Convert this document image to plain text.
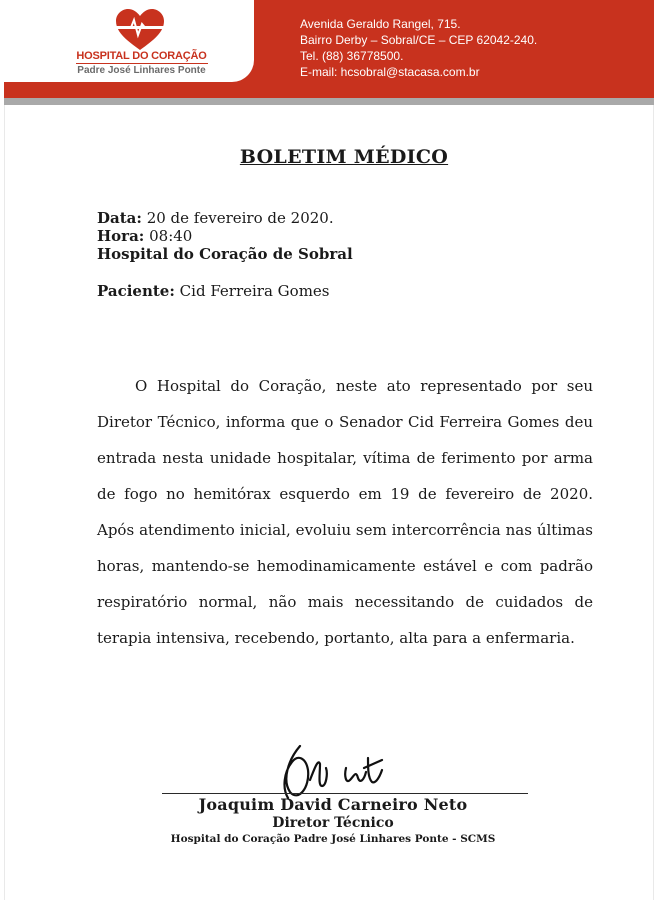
HOSPITAL DO CORAÇÃO
Padre José Linhares Ponte
Avenida Geraldo Rangel, 715.
Bairro Derby – Sobral/CE – CEP 62042-240.
Tel. (88) 36778500.
E-mail: hcsobral@stacasa.com.br
BOLETIM MÉDICO
Data: 20 de fevereiro de 2020.
Hora: 08:40
Hospital do Coração de Sobral
Paciente: Cid Ferreira Gomes

O Hospital do Coração, neste ato representado por seu Diretor Técnico, informa que o Senador Cid Ferreira Gomes deu entrada nesta unidade hospitalar, vítima de ferimento por arma de fogo no hemitórax esquerdo em 19 de fevereiro de 2020. Após atendimento inicial, evoluiu sem intercorrência nas últimas horas, mantendo-se hemodinamicamente estável e com padrão respiratório normal, não mais necessitando de cuidados de terapia intensiva, recebendo, portanto, alta para a enfermaria.

Joaquim David Carneiro Neto
Diretor Técnico
Hospital do Coração Padre José Linhares Ponte - SCMS
